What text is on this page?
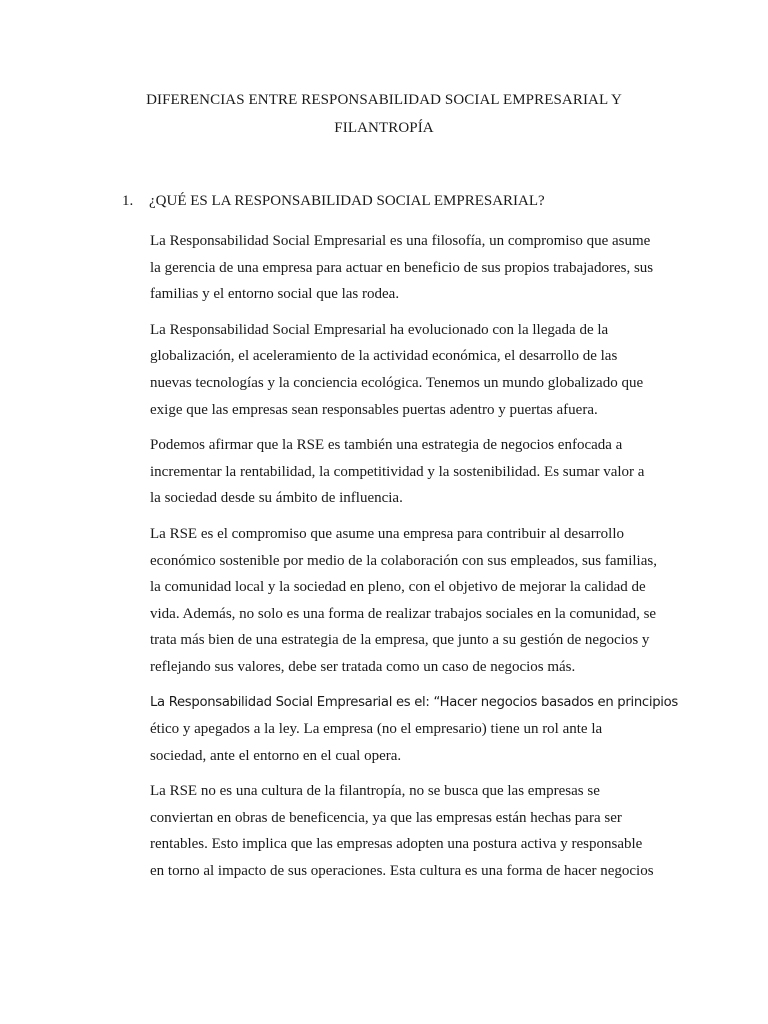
DIFERENCIAS ENTRE RESPONSABILIDAD SOCIAL EMPRESARIAL Y
FILANTROPÍA
1. ¿QUÉ ES LA RESPONSABILIDAD SOCIAL EMPRESARIAL?

La Responsabilidad Social Empresarial es una filosofía, un compromiso que asume
la gerencia de una empresa para actuar en beneficio de sus propios trabajadores, sus
familias y el entorno social que las rodea.

La Responsabilidad Social Empresarial ha evolucionado con la llegada de la
globalización, el aceleramiento de la actividad económica, el desarrollo de las
nuevas tecnologías y la conciencia ecológica. Tenemos un mundo globalizado que
exige que las empresas sean responsables puertas adentro y puertas afuera.

Podemos afirmar que la RSE es también una estrategia de negocios enfocada a
incrementar la rentabilidad, la competitividad y la sostenibilidad. Es sumar valor a
la sociedad desde su ámbito de influencia.

La RSE es el compromiso que asume una empresa para contribuir al desarrollo
económico sostenible por medio de la colaboración con sus empleados, sus familias,
la comunidad local y la sociedad en pleno, con el objetivo de mejorar la calidad de
vida. Además, no solo es una forma de realizar trabajos sociales en la comunidad, se
trata más bien de una estrategia de la empresa, que junto a su gestión de negocios y
reflejando sus valores, debe ser tratada como un caso de negocios más.

La Responsabilidad Social Empresarial es el: “Hacer negocios basados en principios
ético y apegados a la ley. La empresa (no el empresario) tiene un rol ante la
sociedad, ante el entorno en el cual opera.

La RSE no es una cultura de la filantropía, no se busca que las empresas se
conviertan en obras de beneficencia, ya que las empresas están hechas para ser
rentables. Esto implica que las empresas adopten una postura activa y responsable
en torno al impacto de sus operaciones. Esta cultura es una forma de hacer negocios
